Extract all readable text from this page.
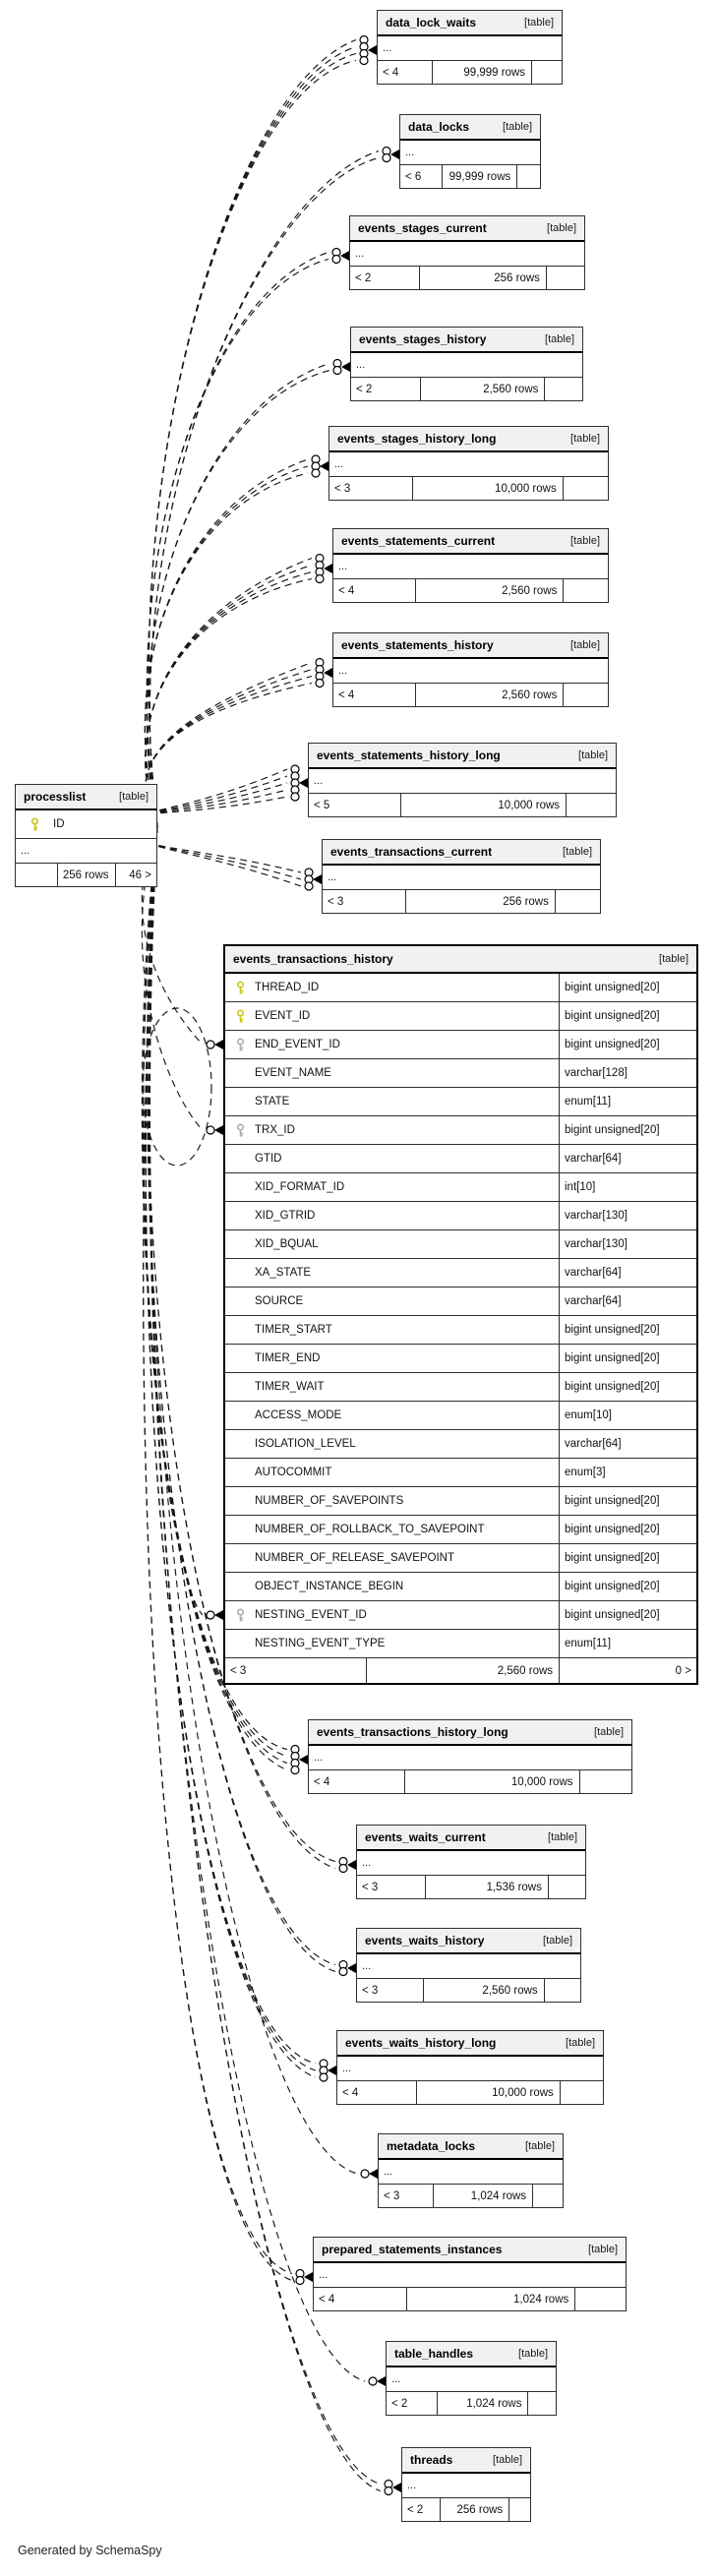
Generated by SchemaSpy
data_lock_waits	[table]
...
< 4	99,999 rows
data_locks	[table]
...
< 6	99,999 rows
events_stages_current	[table]
...
< 2	256 rows
events_stages_history	[table]
...
< 2	2,560 rows
events_stages_history_long	[table]
...
< 3	10,000 rows
events_statements_current	[table]
...
< 4	2,560 rows
events_statements_history	[table]
...
< 4	2,560 rows
events_statements_history_long	[table]
...
< 5	10,000 rows
processlist	[table]
ID
...
256 rows	46 >
events_transactions_current	[table]
...
< 3	256 rows
events_transactions_history	[table]
THREAD_ID	bigint unsigned[20]
EVENT_ID	bigint unsigned[20]
END_EVENT_ID	bigint unsigned[20]
EVENT_NAME	varchar[128]
STATE	enum[11]
TRX_ID	bigint unsigned[20]
GTID	varchar[64]
XID_FORMAT_ID	int[10]
XID_GTRID	varchar[130]
XID_BQUAL	varchar[130]
XA_STATE	varchar[64]
SOURCE	varchar[64]
TIMER_START	bigint unsigned[20]
TIMER_END	bigint unsigned[20]
TIMER_WAIT	bigint unsigned[20]
ACCESS_MODE	enum[10]
ISOLATION_LEVEL	varchar[64]
AUTOCOMMIT	enum[3]
NUMBER_OF_SAVEPOINTS	bigint unsigned[20]
NUMBER_OF_ROLLBACK_TO_SAVEPOINT	bigint unsigned[20]
NUMBER_OF_RELEASE_SAVEPOINT	bigint unsigned[20]
OBJECT_INSTANCE_BEGIN	bigint unsigned[20]
NESTING_EVENT_ID	bigint unsigned[20]
NESTING_EVENT_TYPE	enum[11]
< 3	2,560 rows	0 >
events_transactions_history_long	[table]
...
< 4	10,000 rows
events_waits_current	[table]
...
< 3	1,536 rows
events_waits_history	[table]
...
< 3	2,560 rows
events_waits_history_long	[table]
...
< 4	10,000 rows
metadata_locks	[table]
...
< 3	1,024 rows
prepared_statements_instances	[table]
...
< 4	1,024 rows
table_handles	[table]
...
< 2	1,024 rows
threads	[table]
...
< 2	256 rows
